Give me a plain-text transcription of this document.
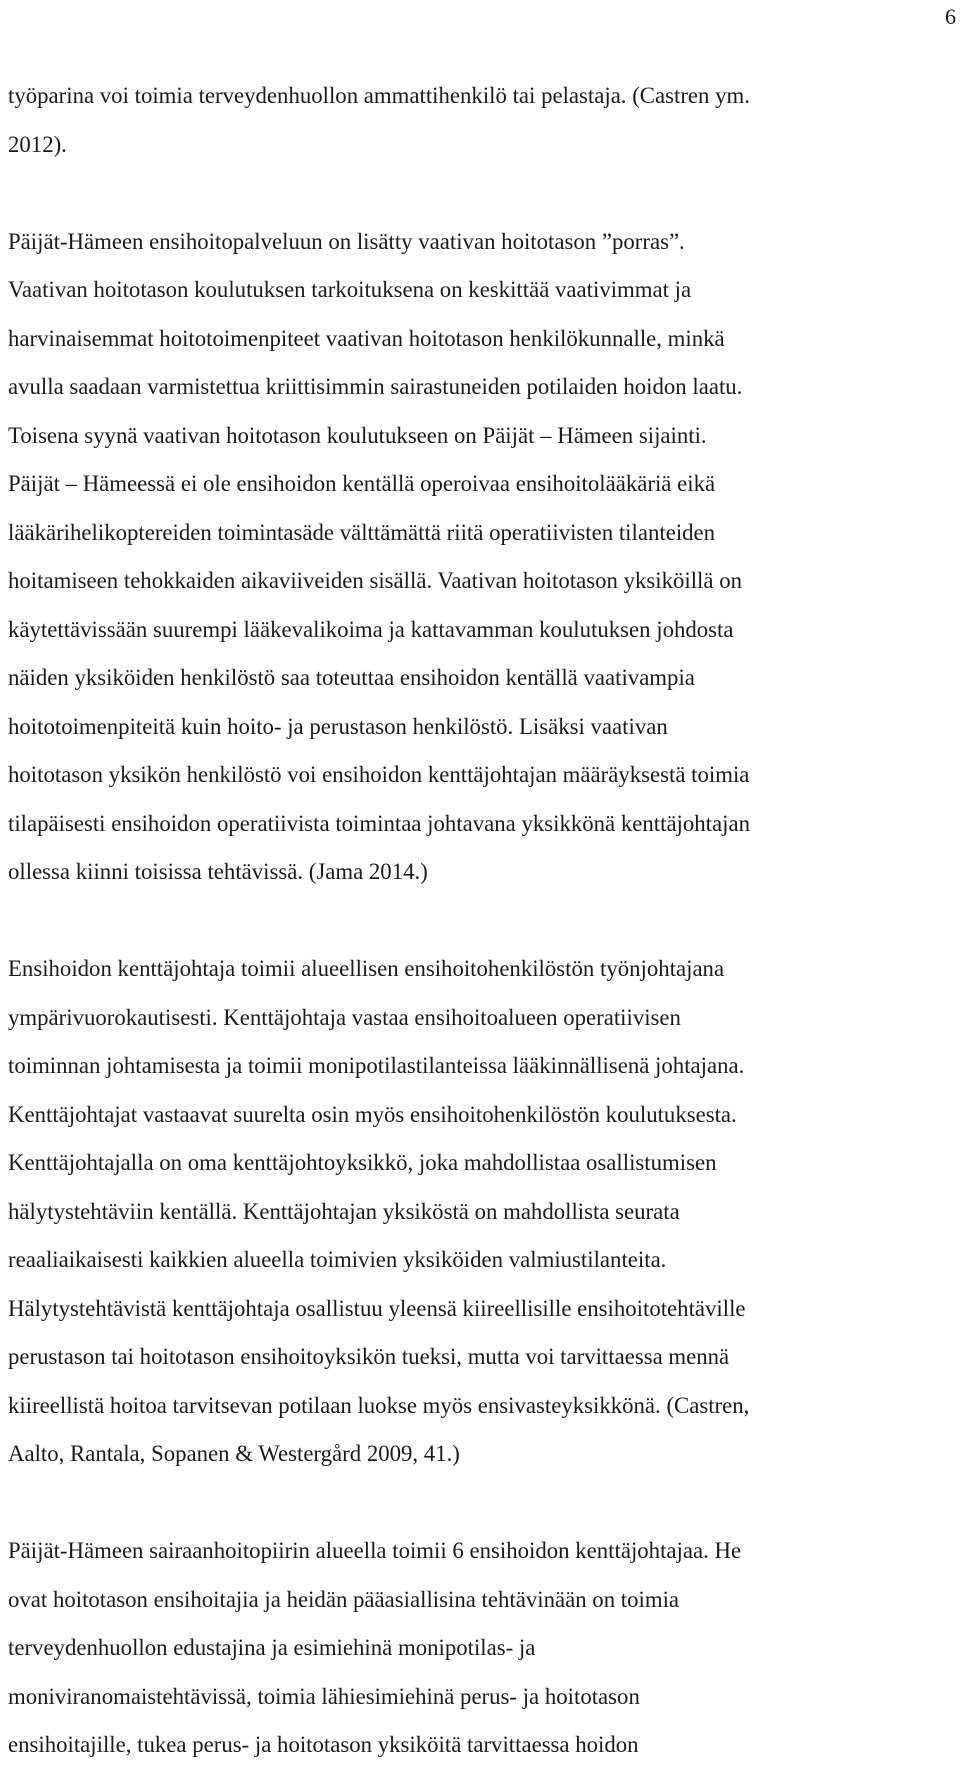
6
työparina voi toimia terveydenhuollon ammattihenkilö tai pelastaja. (Castren ym.
2012).
Päijät-Hämeen ensihoitopalveluun on lisätty vaativan hoitotason ”porras”.
Vaativan hoitotason koulutuksen tarkoituksena on keskittää vaativimmat ja
harvinaisemmat hoitotoimenpiteet vaativan hoitotason henkilökunnalle, minkä
avulla saadaan varmistettua kriittisimmin sairastuneiden potilaiden hoidon laatu.
Toisena syynä vaativan hoitotason koulutukseen on Päijät – Hämeen sijainti.
Päijät – Hämeessä ei ole ensihoidon kentällä operoivaa ensihoitolääkäriä eikä
lääkärihelikoptereiden toimintasäde välttämättä riitä operatiivisten tilanteiden
hoitamiseen tehokkaiden aikaviiveiden sisällä. Vaativan hoitotason yksiköillä on
käytettävissään suurempi lääkevalikoima ja kattavamman koulutuksen johdosta
näiden yksiköiden henkilöstö saa toteuttaa ensihoidon kentällä vaativampia
hoitotoimenpiteitä kuin hoito- ja perustason henkilöstö. Lisäksi vaativan
hoitotason yksikön henkilöstö voi ensihoidon kenttäjohtajan määräyksestä toimia
tilapäisesti ensihoidon operatiivista toimintaa johtavana yksikkönä kenttäjohtajan
ollessa kiinni toisissa tehtävissä. (Jama 2014.)
Ensihoidon kenttäjohtaja toimii alueellisen ensihoitohenkilöstön työnjohtajana
ympärivuorokautisesti. Kenttäjohtaja vastaa ensihoitoalueen operatiivisen
toiminnan johtamisesta ja toimii monipotilastilanteissa lääkinnällisenä johtajana.
Kenttäjohtajat vastaavat suurelta osin myös ensihoitohenkilöstön koulutuksesta.
Kenttäjohtajalla on oma kenttäjohtoyksikkö, joka mahdollistaa osallistumisen
hälytystehtäviin kentällä. Kenttäjohtajan yksiköstä on mahdollista seurata
reaaliaikaisesti kaikkien alueella toimivien yksiköiden valmiustilanteita.
Hälytystehtävistä kenttäjohtaja osallistuu yleensä kiireellisille ensihoitotehtäville
perustason tai hoitotason ensihoitoyksikön tueksi, mutta voi tarvittaessa mennä
kiireellistä hoitoa tarvitsevan potilaan luokse myös ensivasteyksikkönä. (Castren,
Aalto, Rantala, Sopanen & Westergård 2009, 41.)
Päijät-Hämeen sairaanhoitopiirin alueella toimii 6 ensihoidon kenttäjohtajaa. He
ovat hoitotason ensihoitajia ja heidän pääasiallisina tehtävinään on toimia
terveydenhuollon edustajina ja esimiehinä monipotilas- ja
moniviranomaistehtävissä, toimia lähiesimiehinä perus- ja hoitotason
ensihoitajille, tukea perus- ja hoitotason yksiköitä tarvittaessa hoidon
